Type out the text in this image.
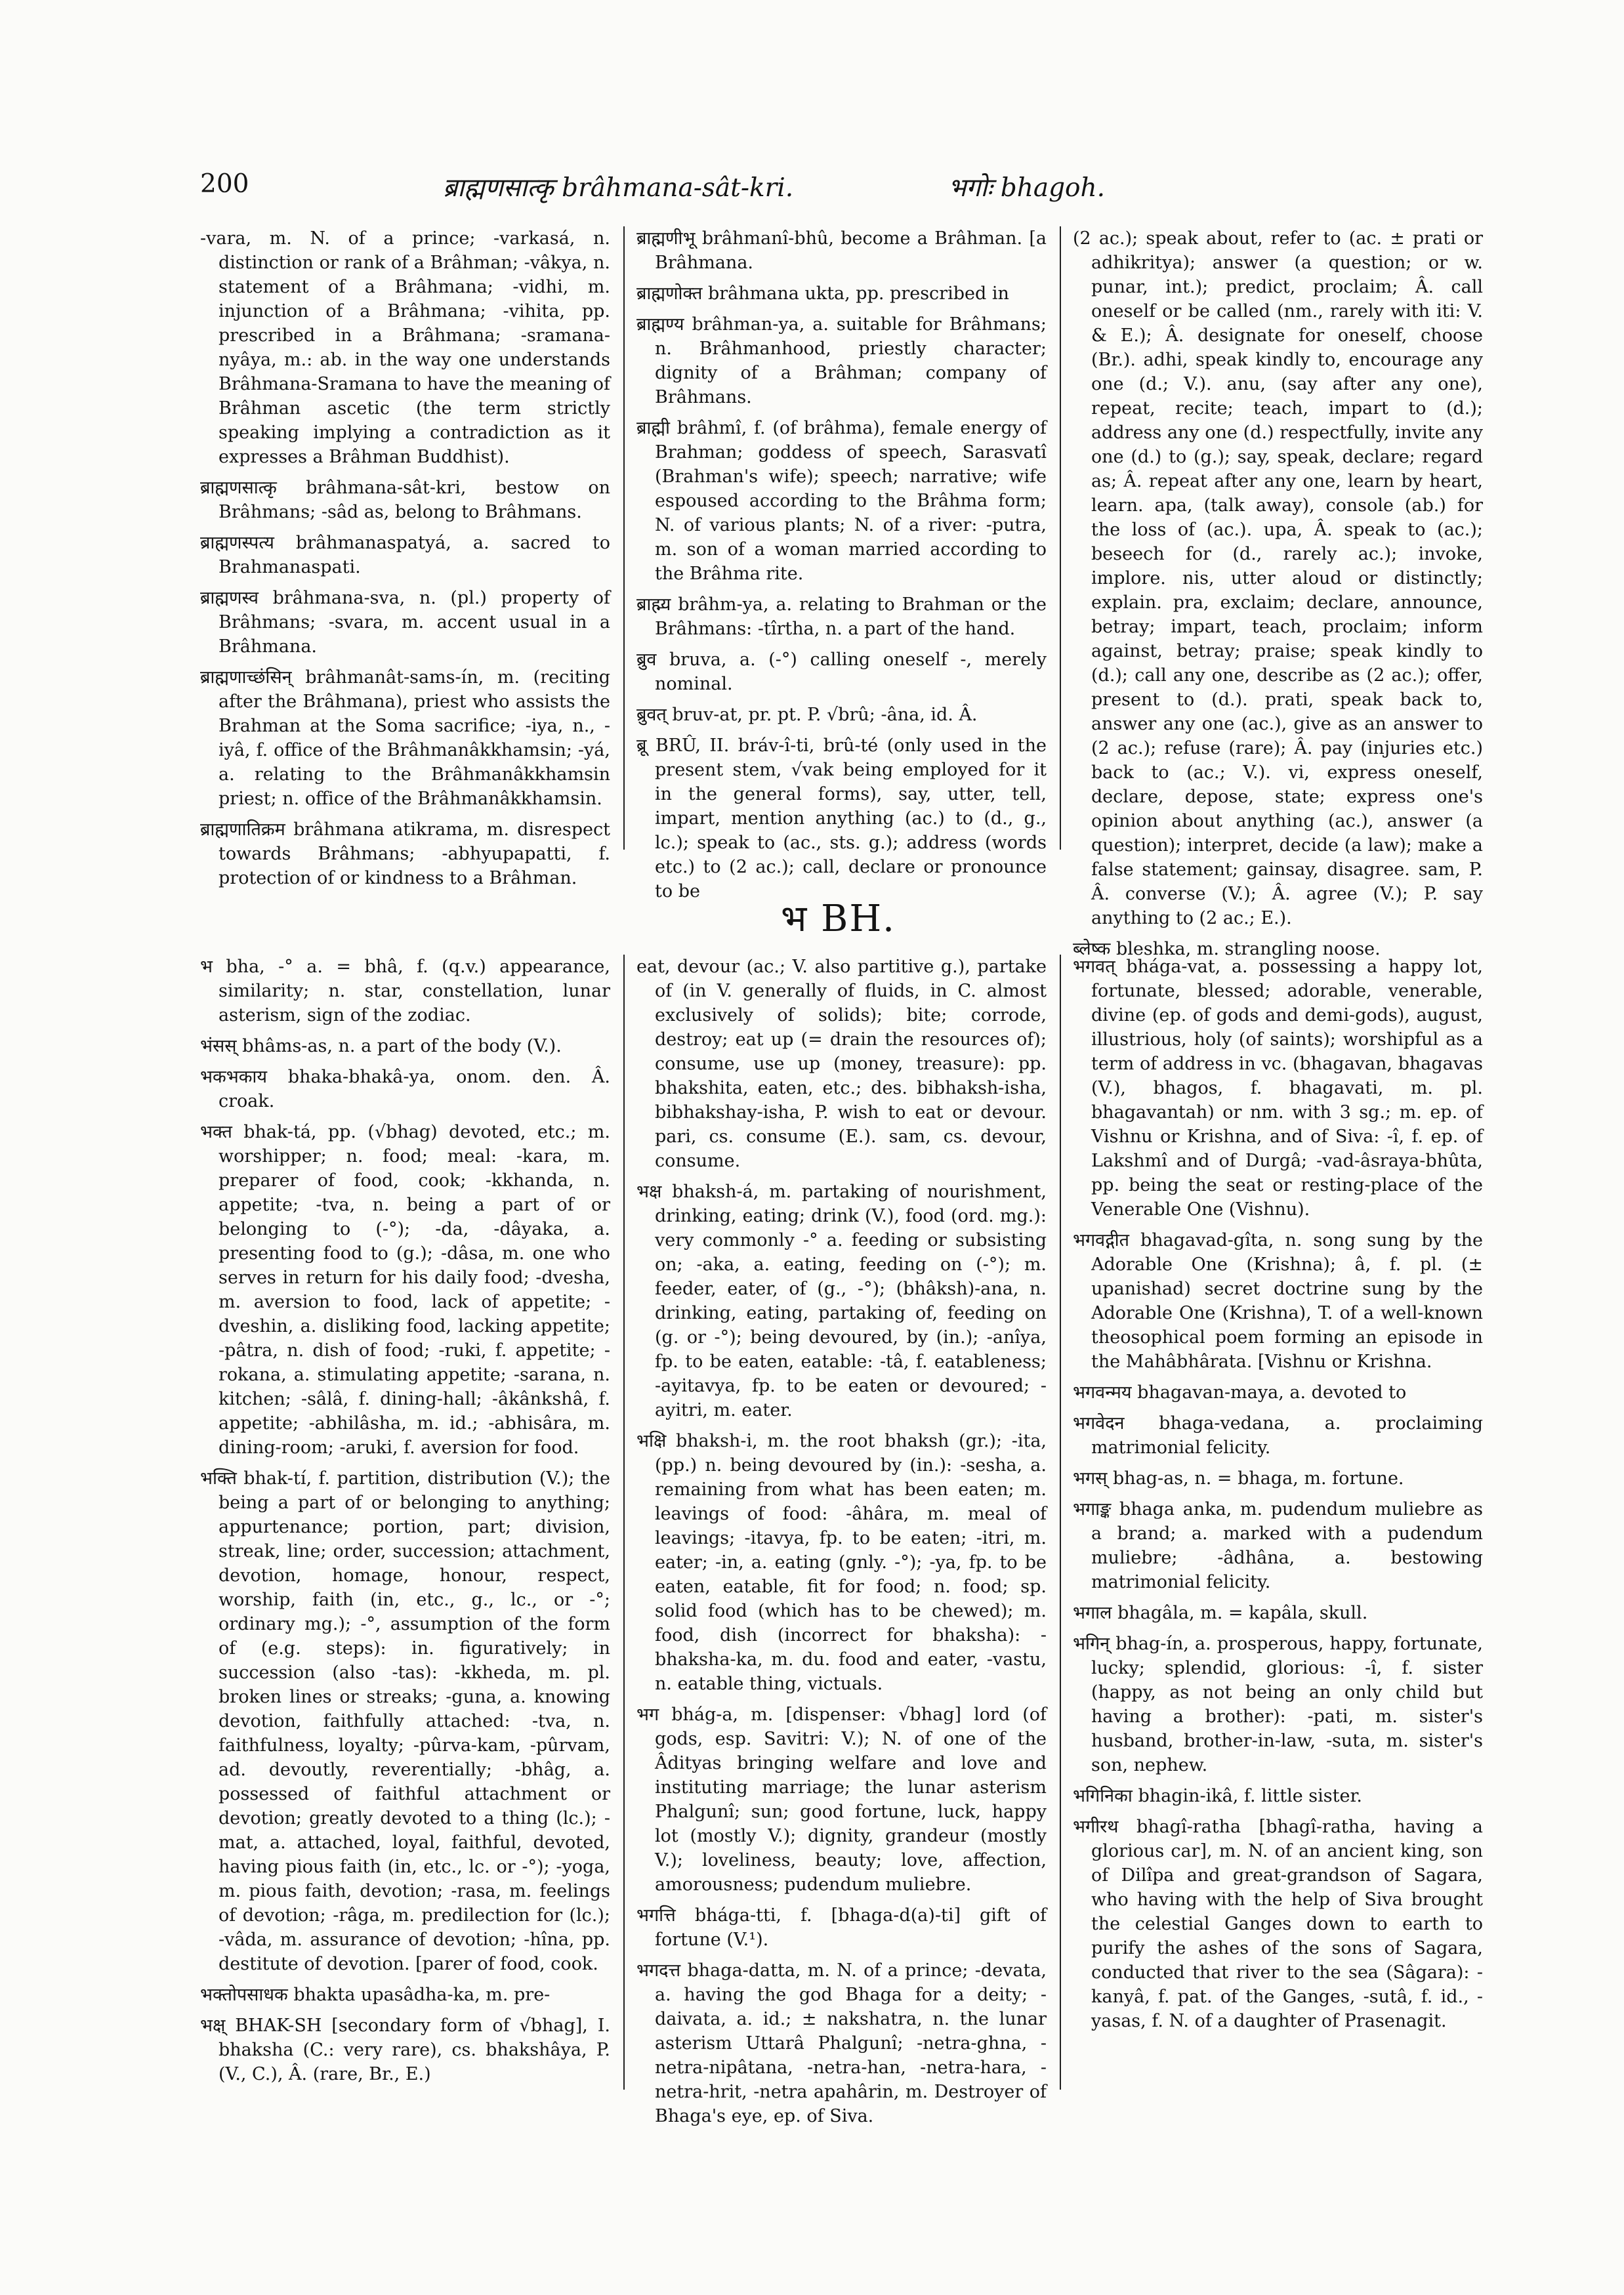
200	ब्राह्मणसात्कृ brâhmana-sât-kri.	भगोः bhagoh.

-vara, m. N. of a prince; -varkasá, n. distinction or rank of a Brâhman; -vâkya, n. statement of a Brâhmana; -vidhi, m. injunction of a Brâhmana; -vihita, pp. prescribed in a Brâhmana; -sramana-nyâya, m.: ab. in the way one understands Brâhmana-Sramana to have the meaning of Brâhman ascetic (the term strictly speaking implying a contradiction as it expresses a Brâhman Buddhist).

ब्राह्मणसात्कृ brâhmana-sât-kri, bestow on Brâhmans; -sâd as, belong to Brâhmans.

ब्राह्मणस्पत्य brâhmanaspatyá, a. sacred to Brahmanaspati.

ब्राह्मणस्व brâhmana-sva, n. (pl.) property of Brâhmans; -svara, m. accent usual in a Brâhmana.

ब्राह्मणाच्छंसिन् brâhmanât-sams-ín, m. (reciting after the Brâhmana), priest who assists the Brahman at the Soma sacrifice; -iya, n., -iyâ, f. office of the Brâhmanâkkhamsin; -yá, a. relating to the Brâhmanâkkhamsin priest; n. office of the Brâhmanâkkhamsin.

ब्राह्मणातिक्रम brâhmana atikrama, m. disrespect towards Brâhmans; -abhyupapatti, f. protection of or kindness to a Brâhman.

ब्राह्मणीभू brâhmanî-bhû, become a Brâhman. [a Brâhmana.

ब्राह्मणोक्त brâhmana ukta, pp. prescribed in

ब्राह्मण्य brâhman-ya, a. suitable for Brâhmans; n. Brâhmanhood, priestly character; dignity of a Brâhman; company of Brâhmans.

ब्राह्मी brâhmî, f. (of brâhma), female energy of Brahman; goddess of speech, Sarasvatî (Brahman's wife); speech; narrative; wife espoused according to the Brâhma form; N. of various plants; N. of a river: -putra, m. son of a woman married according to the Brâhma rite.

ब्राह्म्य brâhm-ya, a. relating to Brahman or the Brâhmans: -tîrtha, n. a part of the hand.

ब्रुव bruva, a. (-°) calling oneself -, merely nominal.

ब्रुवत् bruv-at, pr. pt. P. √brû; -âna, id. Â.

ब्रू BRÛ, II. bráv-î-ti, brû-té (only used in the present stem, √vak being employed for it in the general forms), say, utter, tell, impart, mention anything (ac.) to (d., g., lc.); speak to (ac., sts. g.); address (words etc.) to (2 ac.); call, declare or pronounce to be

(2 ac.); speak about, refer to (ac. ± prati or adhikritya); answer (a question; or w. punar, int.); predict, proclaim; Â. call oneself or be called (nm., rarely with iti: V. & E.); Â. designate for oneself, choose (Br.). adhi, speak kindly to, encourage any one (d.; V.). anu, (say after any one), repeat, recite; teach, impart to (d.); address any one (d.) respectfully, invite any one (d.) to (g.); say, speak, declare; regard as; Â. repeat after any one, learn by heart, learn. apa, (talk away), console (ab.) for the loss of (ac.). upa, Â. speak to (ac.); beseech for (d., rarely ac.); invoke, implore. nis, utter aloud or distinctly; explain. pra, exclaim; declare, announce, betray; impart, teach, proclaim; inform against, betray; praise; speak kindly to (d.); call any one, describe as (2 ac.); offer, present to (d.). prati, speak back to, answer any one (ac.), give as an answer to (2 ac.); refuse (rare); Â. pay (injuries etc.) back to (ac.; V.). vi, express oneself, declare, depose, state; express one's opinion about anything (ac.), answer (a question); interpret, decide (a law); make a false statement; gainsay, disagree. sam, P. Â. converse (V.); Â. agree (V.); P. say anything to (2 ac.; E.).

ब्लेष्क bleshka, m. strangling noose.

भ BH.

भ bha, -° a. = bhâ, f. (q.v.) appearance, similarity; n. star, constellation, lunar asterism, sign of the zodiac.

भंसस् bhâms-as, n. a part of the body (V.).

भकभकाय bhaka-bhakâ-ya, onom. den. Â. croak.

भक्त bhak-tá, pp. (√bhag) devoted, etc.; m. worshipper; n. food; meal: -kara, m. preparer of food, cook; -kkhanda, n. appetite; -tva, n. being a part of or belonging to (-°); -da, -dâyaka, a. presenting food to (g.); -dâsa, m. one who serves in return for his daily food; -dvesha, m. aversion to food, lack of appetite; -dveshin, a. disliking food, lacking appetite; -pâtra, n. dish of food; -ruki, f. appetite; -rokana, a. stimulating appetite; -sarana, n. kitchen; -sâlâ, f. dining-hall; -âkânkshâ, f. appetite; -abhilâsha, m. id.; -abhisâra, m. dining-room; -aruki, f. aversion for food.

भक्ति bhak-tí, f. partition, distribution (V.); the being a part of or belonging to anything; appurtenance; portion, part; division, streak, line; order, succession; attachment, devotion, homage, honour, respect, worship, faith (in, etc., g., lc., or -°; ordinary mg.); -°, assumption of the form of (e.g. steps): in. figuratively; in succession (also -tas): -kkheda, m. pl. broken lines or streaks; -guna, a. knowing devotion, faithfully attached: -tva, n. faithfulness, loyalty; -pûrva-kam, -pûrvam, ad. devoutly, reverentially; -bhâg, a. possessed of faithful attachment or devotion; greatly devoted to a thing (lc.); -mat, a. attached, loyal, faithful, devoted, having pious faith (in, etc., lc. or -°); -yoga, m. pious faith, devotion; -rasa, m. feelings of devotion; -râga, m. predilection for (lc.); -vâda, m. assurance of devotion; -hîna, pp. destitute of devotion. [parer of food, cook.

भक्तोपसाधक bhakta upasâdha-ka, m. pre-

भक्ष् BHAK-SH [secondary form of √bhag], I. bhaksha (C.: very rare), cs. bhakshâya, P. (V., C.), Â. (rare, Br., E.)

eat, devour (ac.; V. also partitive g.), partake of (in V. generally of fluids, in C. almost exclusively of solids); bite; corrode, destroy; eat up (= drain the resources of); consume, use up (money, treasure): pp. bhakshita, eaten, etc.; des. bibhaksh-isha, bibhakshay-isha, P. wish to eat or devour. pari, cs. consume (E.). sam, cs. devour, consume.

भक्ष bhaksh-á, m. partaking of nourishment, drinking, eating; drink (V.), food (ord. mg.): very commonly -° a. feeding or subsisting on; -aka, a. eating, feeding on (-°); m. feeder, eater, of (g., -°); (bhâksh)-ana, n. drinking, eating, partaking of, feeding on (g. or -°); being devoured, by (in.); -anîya, fp. to be eaten, eatable: -tâ, f. eatableness; -ayitavya, fp. to be eaten or devoured; -ayitri, m. eater.

भक्षि bhaksh-i, m. the root bhaksh (gr.); -ita, (pp.) n. being devoured by (in.): -sesha, a. remaining from what has been eaten; m. leavings of food: -âhâra, m. meal of leavings; -itavya, fp. to be eaten; -itri, m. eater; -in, a. eating (gnly. -°); -ya, fp. to be eaten, eatable, fit for food; n. food; sp. solid food (which has to be chewed); m. food, dish (incorrect for bhaksha): -bhaksha-ka, m. du. food and eater, -vastu, n. eatable thing, victuals.

भग bhág-a, m. [dispenser: √bhag] lord (of gods, esp. Savitri: V.); N. of one of the Âdityas bringing welfare and love and instituting marriage; the lunar asterism Phalgunî; sun; good fortune, luck, happy lot (mostly V.); dignity, grandeur (mostly V.); loveliness, beauty; love, affection, amorousness; pudendum muliebre.

भगत्ति bhága-tti, f. [bhaga-d(a)-ti] gift of fortune (V.¹).

भगदत्त bhaga-datta, m. N. of a prince; -devata, a. having the god Bhaga for a deity; -daivata, a. id.; ± nakshatra, n. the lunar asterism Uttarâ Phalgunî; -netra-ghna, -netra-nipâtana, -netra-han, -netra-hara, -netra-hrit, -netra apahârin, m. Destroyer of Bhaga's eye, ep. of Siva.

भगवत् bhága-vat, a. possessing a happy lot, fortunate, blessed; adorable, venerable, divine (ep. of gods and demi-gods), august, illustrious, holy (of saints); worshipful as a term of address in vc. (bhagavan, bhagavas (V.), bhagos, f. bhagavati, m. pl. bhagavantah) or nm. with 3 sg.; m. ep. of Vishnu or Krishna, and of Siva: -î, f. ep. of Lakshmî and of Durgâ; -vad-âsraya-bhûta, pp. being the seat or resting-place of the Venerable One (Vishnu).

भगवद्गीत bhagavad-gîta, n. song sung by the Adorable One (Krishna); â, f. pl. (± upanishad) secret doctrine sung by the Adorable One (Krishna), T. of a well-known theosophical poem forming an episode in the Mahâbhârata. [Vishnu or Krishna.

भगवन्मय bhagavan-maya, a. devoted to

भगवेदन bhaga-vedana, a. proclaiming matrimonial felicity.

भगस् bhag-as, n. = bhaga, m. fortune.

भगाङ्क bhaga anka, m. pudendum muliebre as a brand; a. marked with a pudendum muliebre; -âdhâna, a. bestowing matrimonial felicity.

भगाल bhagâla, m. = kapâla, skull.

भगिन् bhag-ín, a. prosperous, happy, fortunate, lucky; splendid, glorious: -î, f. sister (happy, as not being an only child but having a brother): -pati, m. sister's husband, brother-in-law, -suta, m. sister's son, nephew.

भगिनिका bhagin-ikâ, f. little sister.

भगीरथ bhagî-ratha [bhagî-ratha, having a glorious car], m. N. of an ancient king, son of Dilîpa and great-grandson of Sagara, who having with the help of Siva brought the celestial Ganges down to earth to purify the ashes of the sons of Sagara, conducted that river to the sea (Sâgara): -kanyâ, f. pat. of the Ganges, -sutâ, f. id., -yasas, f. N. of a daughter of Prasenagit.
